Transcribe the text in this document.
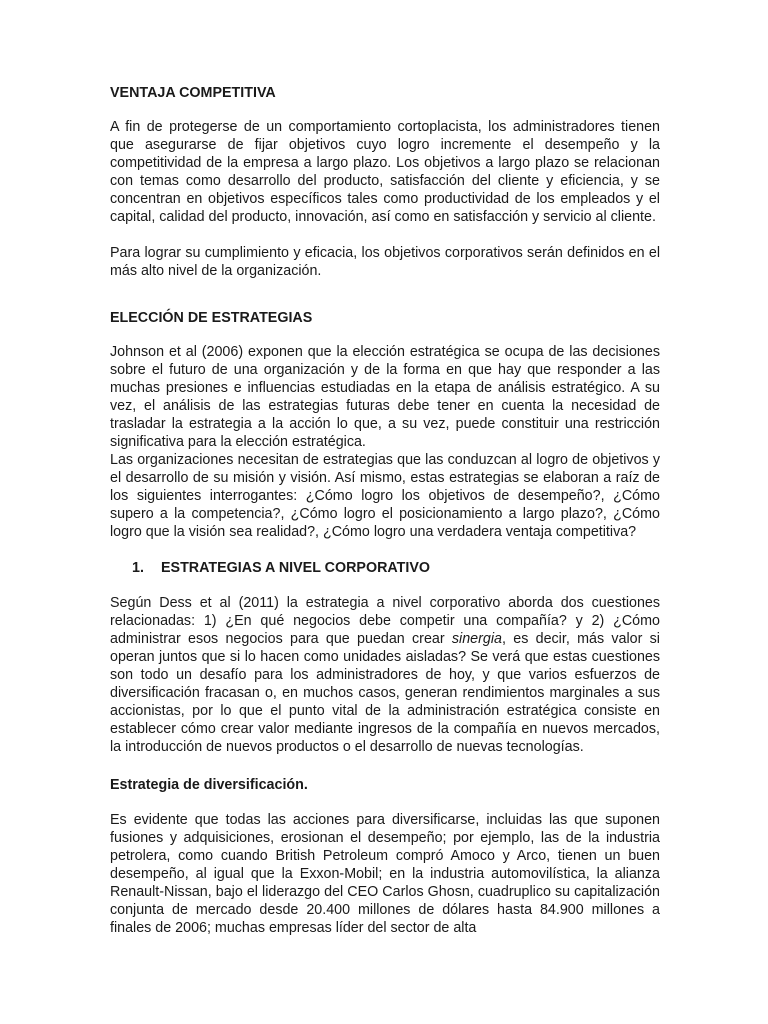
VENTAJA COMPETITIVA

A fin de protegerse de un comportamiento cortoplacista, los administradores tienen que asegurarse de fijar objetivos cuyo logro incremente el desempeño y la competitividad de la empresa a largo plazo. Los objetivos a largo plazo se relacionan con temas como desarrollo del producto, satisfacción del cliente y eficiencia, y se concentran en objetivos específicos tales como productividad de los empleados y el capital, calidad del producto, innovación, así como en satisfacción y servicio al cliente.

Para lograr su cumplimiento y eficacia, los objetivos corporativos serán definidos en el más alto nivel de la organización.

ELECCIÓN DE ESTRATEGIAS

Johnson et al (2006) exponen que la elección estratégica se ocupa de las decisiones sobre el futuro de una organización y de la forma en que hay que responder a las muchas presiones e influencias estudiadas en la etapa de análisis estratégico. A su vez, el análisis de las estrategias futuras debe tener en cuenta la necesidad de trasladar la estrategia a la acción lo que, a su vez, puede constituir una restricción significativa para la elección estratégica.

Las organizaciones necesitan de estrategias que las conduzcan al logro de objetivos y el desarrollo de su misión y visión. Así mismo, estas estrategias se elaboran a raíz de los siguientes interrogantes: ¿Cómo logro los objetivos de desempeño?, ¿Cómo supero a la competencia?, ¿Cómo logro el posicionamiento a largo plazo?, ¿Cómo logro que la visión sea realidad?, ¿Cómo logro una verdadera ventaja competitiva?

1.	ESTRATEGIAS A NIVEL CORPORATIVO

Según Dess et al (2011) la estrategia a nivel corporativo aborda dos cuestiones relacionadas: 1) ¿En qué negocios debe competir una compañía? y 2) ¿Cómo administrar esos negocios para que puedan crear sinergia, es decir, más valor si operan juntos que si lo hacen como unidades aisladas? Se verá que estas cuestiones son todo un desafío para los administradores de hoy, y que varios esfuerzos de diversificación fracasan o, en muchos casos, generan rendimientos marginales a sus accionistas, por lo que el punto vital de la administración estratégica consiste en establecer cómo crear valor mediante ingresos de la compañía en nuevos mercados, la introducción de nuevos productos o el desarrollo de nuevas tecnologías.

Estrategia de diversificación.

Es evidente que todas las acciones para diversificarse, incluidas las que suponen fusiones y adquisiciones, erosionan el desempeño; por ejemplo, las de la industria petrolera, como cuando British Petroleum compró Amoco y Arco, tienen un buen desempeño, al igual que la Exxon-Mobil; en la industria automovilística, la alianza Renault-Nissan, bajo el liderazgo del CEO Carlos Ghosn, cuadruplico su capitalización conjunta de mercado desde 20.400 millones de dólares hasta 84.900 millones a finales de 2006; muchas empresas líder del sector de alta
